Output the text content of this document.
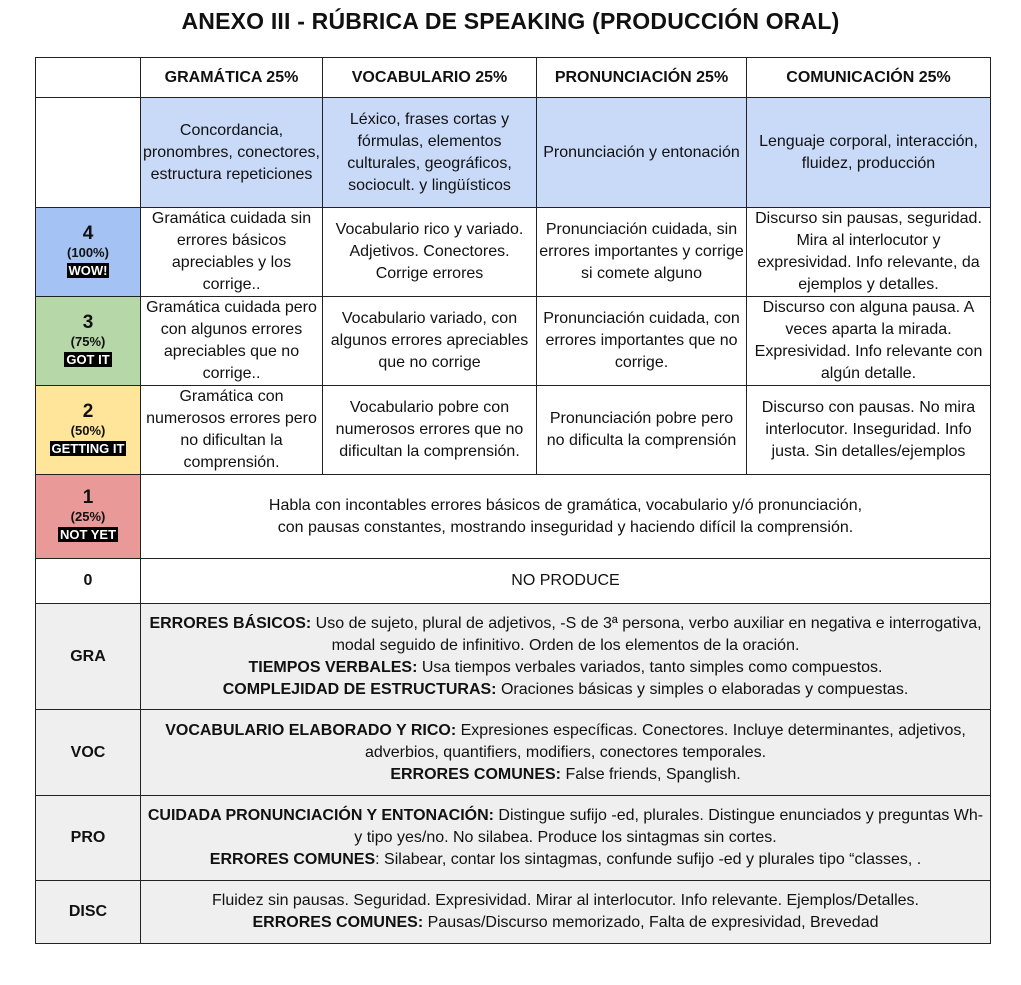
ANEXO III - RÚBRICA DE SPEAKING (PRODUCCIÓN ORAL)
	GRAMÁTICA 25%	VOCABULARIO 25%	PRONUNCIACIÓN 25%	COMUNICACIÓN 25%
	Concordancia, pronombres, conectores, estructura repeticiones	Léxico, frases cortas y fórmulas, elementos culturales, geográficos, sociocult. y lingüísticos	Pronunciación y entonación	Lenguaje corporal, interacción, fluidez, producción

4
(100%)
WOW!	Gramática cuidada sin errores básicos apreciables y los corrige..	Vocabulario rico y variado. Adjetivos. Conectores. Corrige errores	Pronunciación cuidada, sin errores importantes y corrige si comete alguno	Discurso sin pausas, seguridad. Mira al interlocutor y expresividad. Info relevante, da ejemplos y detalles.

3
(75%)
GOT IT	Gramática cuidada pero con algunos errores apreciables que no corrige..	Vocabulario variado, con algunos errores apreciables que no corrige	Pronunciación cuidada, con errores importantes que no corrige.	Discurso con alguna pausa. A veces aparta la mirada. Expresividad. Info relevante con algún detalle.

2
(50%)
GETTING IT	Gramática con numerosos errores pero no dificultan la comprensión.	Vocabulario pobre con numerosos errores que no dificultan la comprensión.	Pronunciación pobre pero no dificulta la comprensión	Discurso con pausas. No mira interlocutor. Inseguridad. Info justa. Sin detalles/ejemplos

1
(25%)
NOT YET	Habla con incontables errores básicos de gramática, vocabulario y/ó pronunciación,
con pausas constantes, mostrando inseguridad y haciendo difícil la comprensión.			
0	NO PRODUCE			
GRA	ERRORES BÁSICOS: Uso de sujeto, plural de adjetivos, -S de 3ª persona, verbo auxiliar en negativa e interrogativa, modal seguido de infinitivo. Orden de los elementos de la oración.
TIEMPOS VERBALES: Usa tiempos verbales variados, tanto simples como compuestos.
COMPLEJIDAD DE ESTRUCTURAS: Oraciones básicas y simples o elaboradas y compuestas.			
VOC	VOCABULARIO ELABORADO Y RICO: Expresiones específicas. Conectores. Incluye determinantes, adjetivos, adverbios, quantifiers, modifiers, conectores temporales.
ERRORES COMUNES: False friends, Spanglish.			
PRO	CUIDADA PRONUNCIACIÓN Y ENTONACIÓN: Distingue sufijo -ed, plurales. Distingue enunciados y preguntas Wh- y tipo yes/no. No silabea. Produce los sintagmas sin cortes.
ERRORES COMUNES: Silabear, contar los sintagmas, confunde sufijo -ed y plurales tipo “classes, .			
DISC	Fluidez sin pausas. Seguridad. Expresividad. Mirar al interlocutor. Info relevante. Ejemplos/Detalles.
ERRORES COMUNES: Pausas/Discurso memorizado, Falta de expresividad, Brevedad			
